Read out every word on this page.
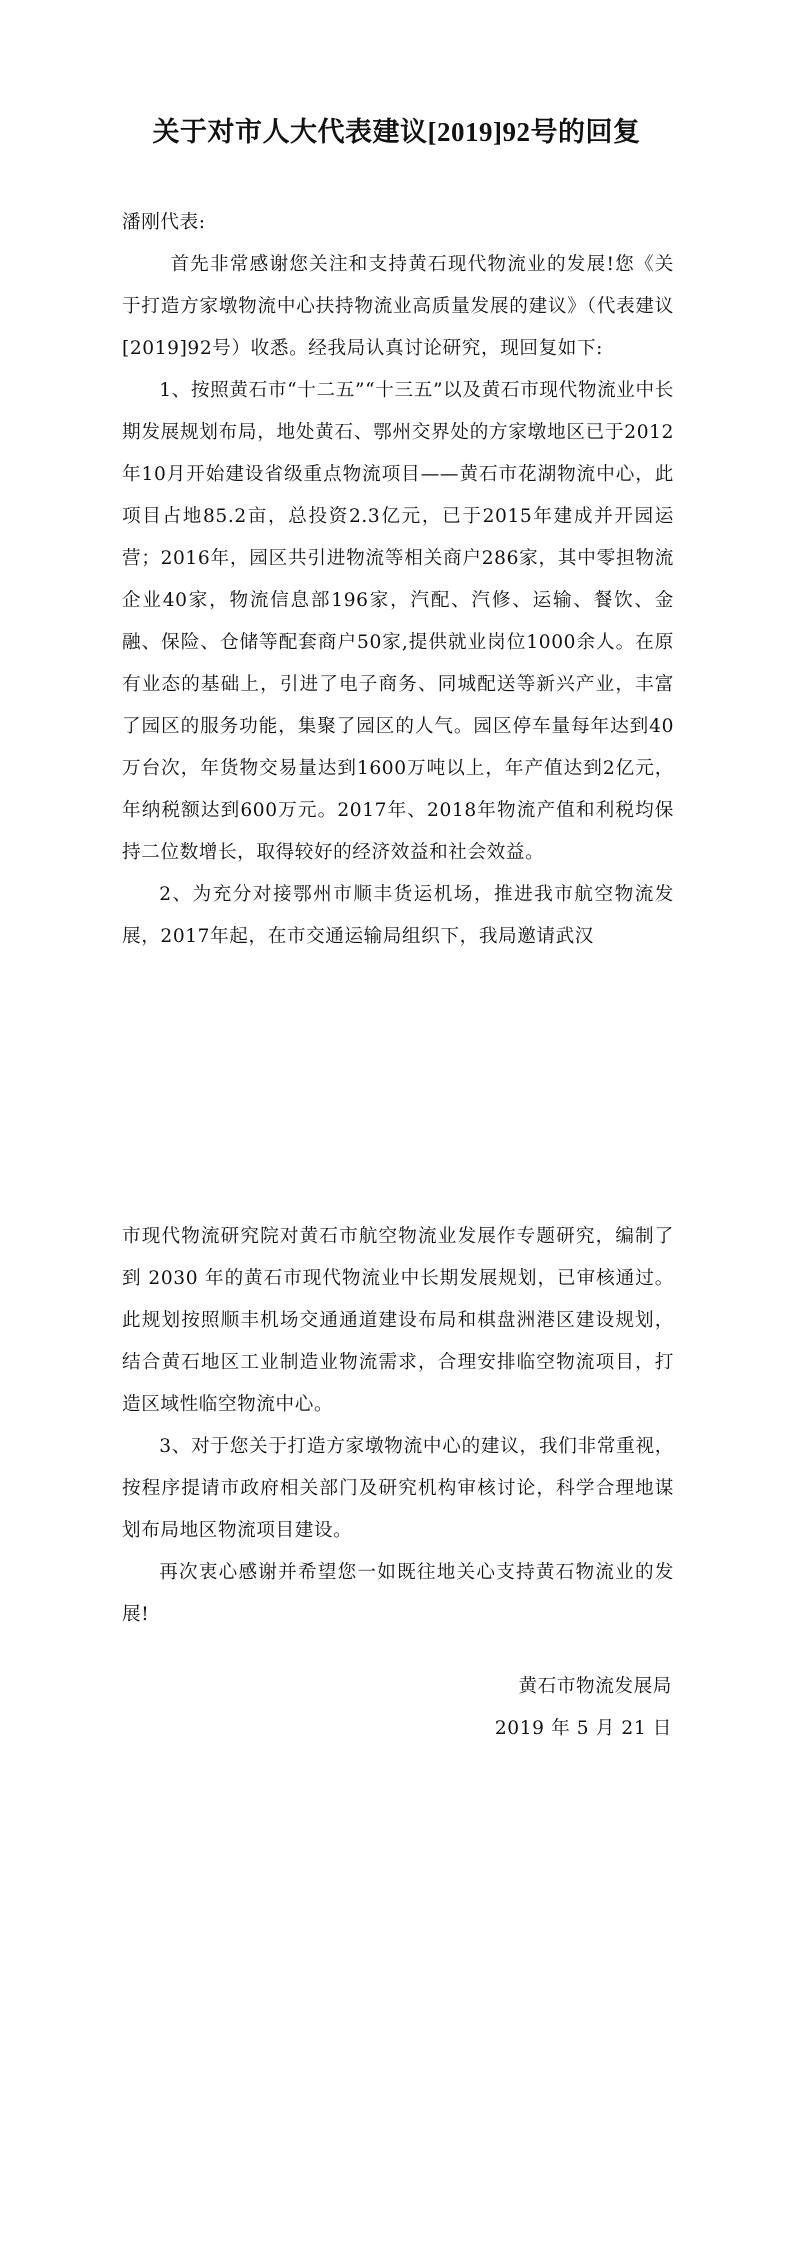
关于对市人大代表建议[2019]92号的回复

潘刚代表:

首先非常感谢您关注和支持黄石现代物流业的发展!您《关于打造方家墩物流中心扶持物流业高质量发展的建议》（代表建议[2019]92号）收悉。经我局认真讨论研究，现回复如下:

1、按照黄石市“十二五”“十三五”以及黄石市现代物流业中长期发展规划布局，地处黄石、鄂州交界处的方家墩地区已于2012年10月开始建设省级重点物流项目——黄石市花湖物流中心，此项目占地85.2亩，总投资2.3亿元，已于2015年建成并开园运营；2016年，园区共引进物流等相关商户286家，其中零担物流企业40家，物流信息部196家，汽配、汽修、运输、餐饮、金融、保险、仓储等配套商户50家,提供就业岗位1000余人。在原有业态的基础上，引进了电子商务、同城配送等新兴产业，丰富了园区的服务功能，集聚了园区的人气。园区停车量每年达到40万台次，年货物交易量达到1600万吨以上，年产值达到2亿元，年纳税额达到600万元。2017年、2018年物流产值和利税均保持二位数增长，取得较好的经济效益和社会效益。

2、为充分对接鄂州市顺丰货运机场，推进我市航空物流发展，2017年起，在市交通运输局组织下，我局邀请武汉

市现代物流研究院对黄石市航空物流业发展作专题研究，编制了到 2030 年的黄石市现代物流业中长期发展规划，已审核通过。此规划按照顺丰机场交通通道建设布局和棋盘洲港区建设规划，结合黄石地区工业制造业物流需求，合理安排临空物流项目，打造区域性临空物流中心。

3、对于您关于打造方家墩物流中心的建议，我们非常重视，按程序提请市政府相关部门及研究机构审核讨论，科学合理地谋划布局地区物流项目建设。

再次衷心感谢并希望您一如既往地关心支持黄石物流业的发展!

黄石市物流发展局

2019 年 5 月 21 日
